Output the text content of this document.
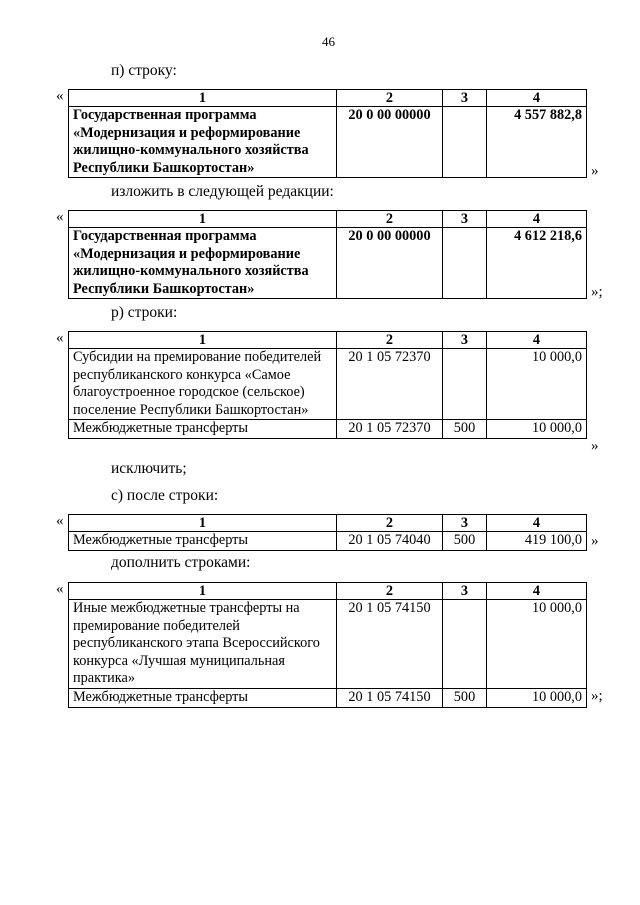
46
п) строку:
«	1	2	3	4
Государственная программа «Модернизация и реформирование жилищно-коммунального хозяйства Республики Башкортостан»	20 0 00 00000		4 557 882,8
»
изложить в следующей редакции:
«	1	2	3	4
Государственная программа «Модернизация и реформирование жилищно-коммунального хозяйства Республики Башкортостан»	20 0 00 00000		4 612 218,6
»;
р) строки:
«	1	2	3	4
Субсидии на премирование победителей республиканского конкурса «Самое благоустроенное городское (сельское) поселение Республики Башкортостан»	20 1 05 72370		10 000,0
Межбюджетные трансферты	20 1 05 72370	500	10 000,0
»
исключить;
с) после строки:
«	1	2	3	4
Межбюджетные трансферты	20 1 05 74040	500	419 100,0 »
дополнить строками:
«	1	2	3	4
Иные межбюджетные трансферты на премирование победителей республиканского этапа Всероссийского конкурса «Лучшая муниципальная практика»	20 1 05 74150		10 000,0
Межбюджетные трансферты	20 1 05 74150	500	10 000,0 »;
